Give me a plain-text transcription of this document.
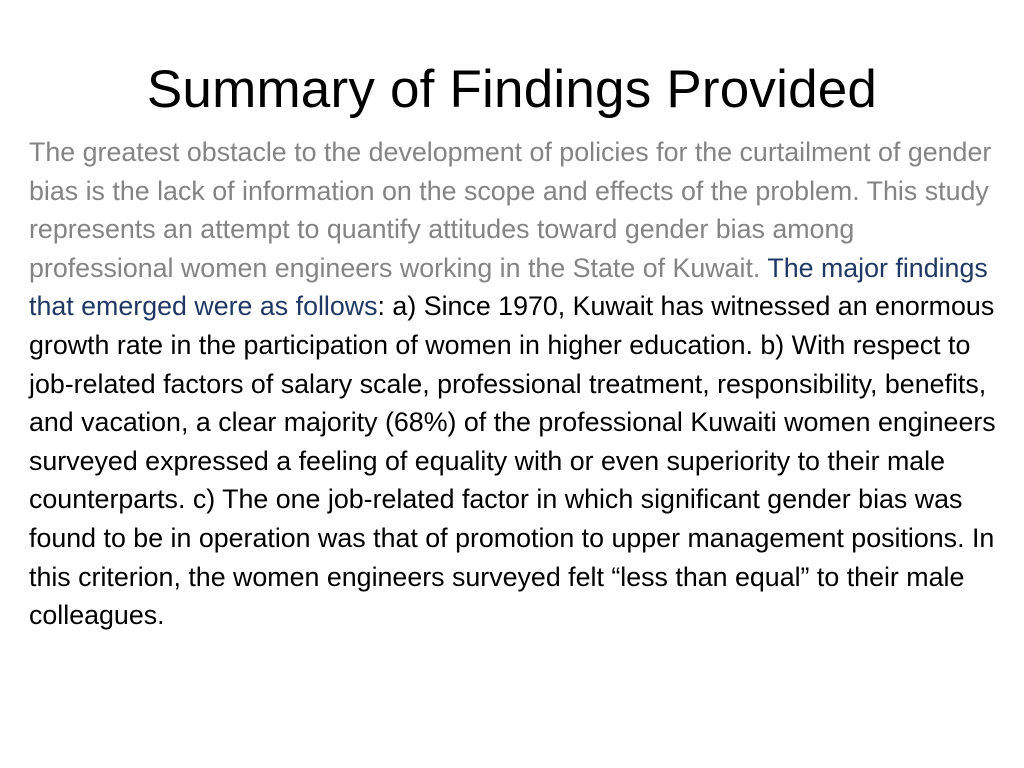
Summary of Findings Provided

The greatest obstacle to the development of policies for the curtailment of gender bias is the lack of information on the scope and effects of the problem. This study represents an attempt to quantify attitudes toward gender bias among professional women engineers working in the State of Kuwait. The major findings that emerged were as follows: a) Since 1970, Kuwait has witnessed an enormous growth rate in the participation of women in higher education. b) With respect to job-related factors of salary scale, professional treatment, responsibility, benefits, and vacation, a clear majority (68%) of the professional Kuwaiti women engineers surveyed expressed a feeling of equality with or even superiority to their male counterparts. c) The one job-related factor in which significant gender bias was found to be in operation was that of promotion to upper management positions. In this criterion, the women engineers surveyed felt “less than equal” to their male colleagues.
